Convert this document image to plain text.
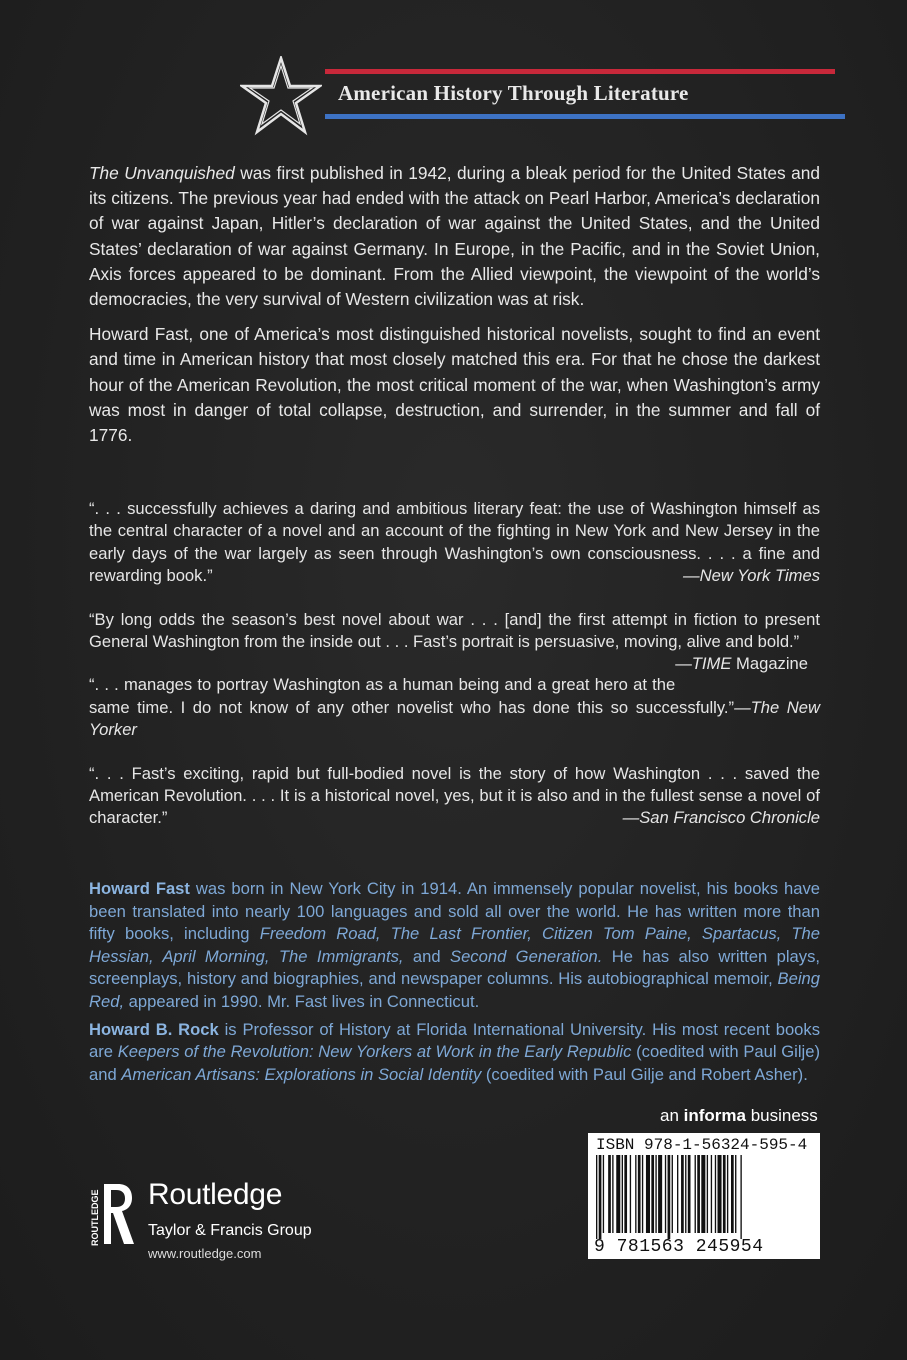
American History Through Literature

The Unvanquished was first published in 1942, during a bleak period for the United States and its citizens. The previous year had ended with the attack on Pearl Harbor, America’s declaration of war against Japan, Hitler’s declaration of war against the United States, and the United States’ declaration of war against Germany. In Europe, in the Pacific, and in the Soviet Union, Axis forces appeared to be dominant. From the Allied viewpoint, the viewpoint of the world’s democracies, the very survival of Western civilization was at risk.

Howard Fast, one of America’s most distinguished historical novelists, sought to find an event and time in American history that most closely matched this era. For that he chose the darkest hour of the American Revolution, the most critical moment of the war, when Washington’s army was most in danger of total collapse, destruction, and surrender, in the summer and fall of 1776.

“. . . successfully achieves a daring and ambitious literary feat: the use of Washington himself as the central character of a novel and an account of the fighting in New York and New Jersey in the early days of the war largely as seen through Washington’s own consciousness. . . . a fine and rewarding book.”	—New York Times

“By long odds the season’s best novel about war . . . [and] the first attempt in fiction to present General Washington from the inside out . . . Fast’s portrait is persuasive, moving, alive and bold.”
—TIME Magazine

“. . . manages to portray Washington as a human being and a great hero at the same time. I do not know of any other novelist who has done this so successfully.”—The New Yorker

“. . . Fast’s exciting, rapid but full-bodied novel is the story of how Washington . . . saved the American Revolution. . . . It is a historical novel, yes, but it is also and in the fullest sense a novel of character.”	—San Francisco Chronicle

Howard Fast was born in New York City in 1914. An immensely popular novelist, his books have been translated into nearly 100 languages and sold all over the world. He has written more than fifty books, including Freedom Road, The Last Frontier, Citizen Tom Paine, Spartacus, The Hessian, April Morning, The Immigrants, and Second Generation. He has also written plays, screenplays, history and biographies, and newspaper columns. His autobiographical memoir, Being Red, appeared in 1990. Mr. Fast lives in Connecticut.

Howard B. Rock is Professor of History at Florida International University. His most recent books are Keepers of the Revolution: New Yorkers at Work in the Early Republic (coedited with Paul Gilje) and American Artisans: Explorations in Social Identity (coedited with Paul Gilje and Robert Asher).

an informa business
ISBN 978-1-56324-595-4
9 781563 245954
ROUTLEDGE Routledge
Taylor & Francis Group
www.routledge.com
